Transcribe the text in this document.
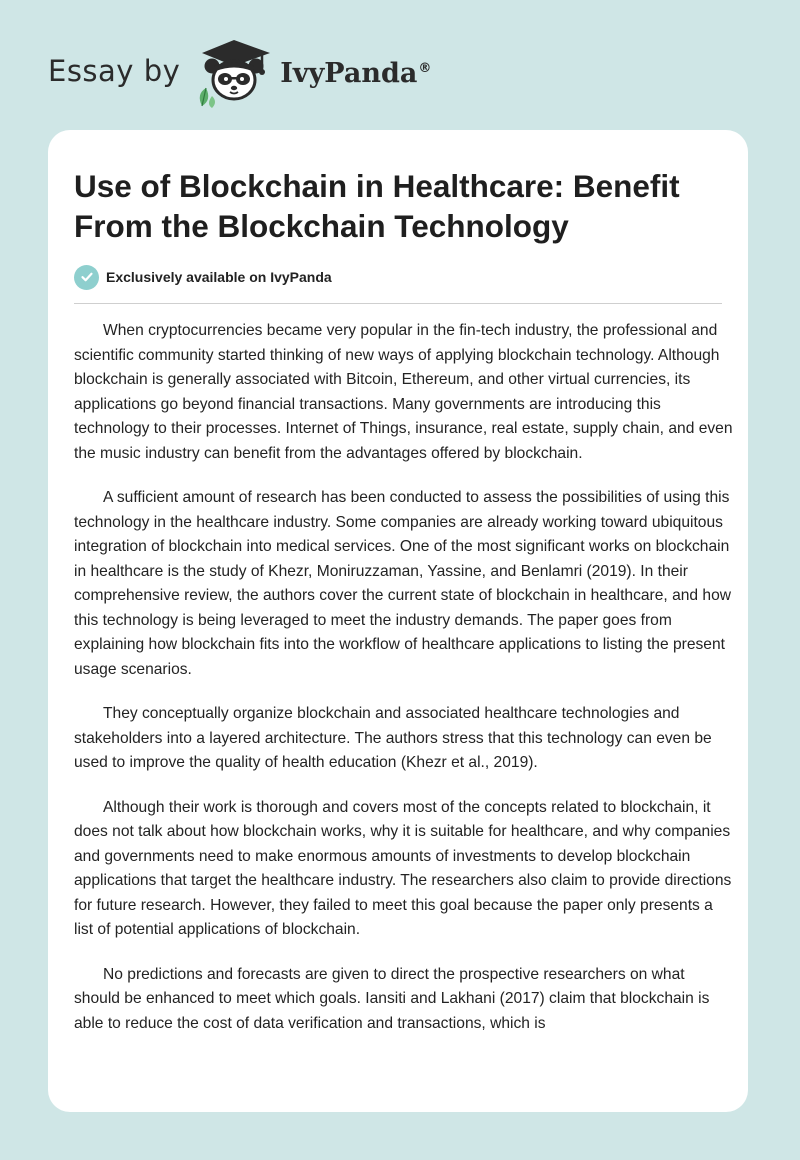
Essay by	IvyPanda®
Use of Blockchain in Healthcare: Benefit From the Blockchain Technology
Exclusively available on IvyPanda

When cryptocurrencies became very popular in the fin-tech industry, the professional and scientific community started thinking of new ways of applying blockchain technology. Although blockchain is generally associated with Bitcoin, Ethereum, and other virtual currencies, its applications go beyond financial transactions. Many governments are introducing this technology to their processes. Internet of Things, insurance, real estate, supply chain, and even the music industry can benefit from the advantages offered by blockchain.

A sufficient amount of research has been conducted to assess the possibilities of using this technology in the healthcare industry. Some companies are already working toward ubiquitous integration of blockchain into medical services. One of the most significant works on blockchain in healthcare is the study of Khezr, Moniruzzaman, Yassine, and Benlamri (2019). In their comprehensive review, the authors cover the current state of blockchain in healthcare, and how this technology is being leveraged to meet the industry demands. The paper goes from explaining how blockchain fits into the workflow of healthcare applications to listing the present usage scenarios.

They conceptually organize blockchain and associated healthcare technologies and stakeholders into a layered architecture. The authors stress that this technology can even be used to improve the quality of health education (Khezr et al., 2019).

Although their work is thorough and covers most of the concepts related to blockchain, it does not talk about how blockchain works, why it is suitable for healthcare, and why companies and governments need to make enormous amounts of investments to develop blockchain applications that target the healthcare industry. The researchers also claim to provide directions for future research. However, they failed to meet this goal because the paper only presents a list of potential applications of blockchain.

No predictions and forecasts are given to direct the prospective researchers on what should be enhanced to meet which goals. Iansiti and Lakhani (2017) claim that blockchain is able to reduce the cost of data verification and transactions, which is
